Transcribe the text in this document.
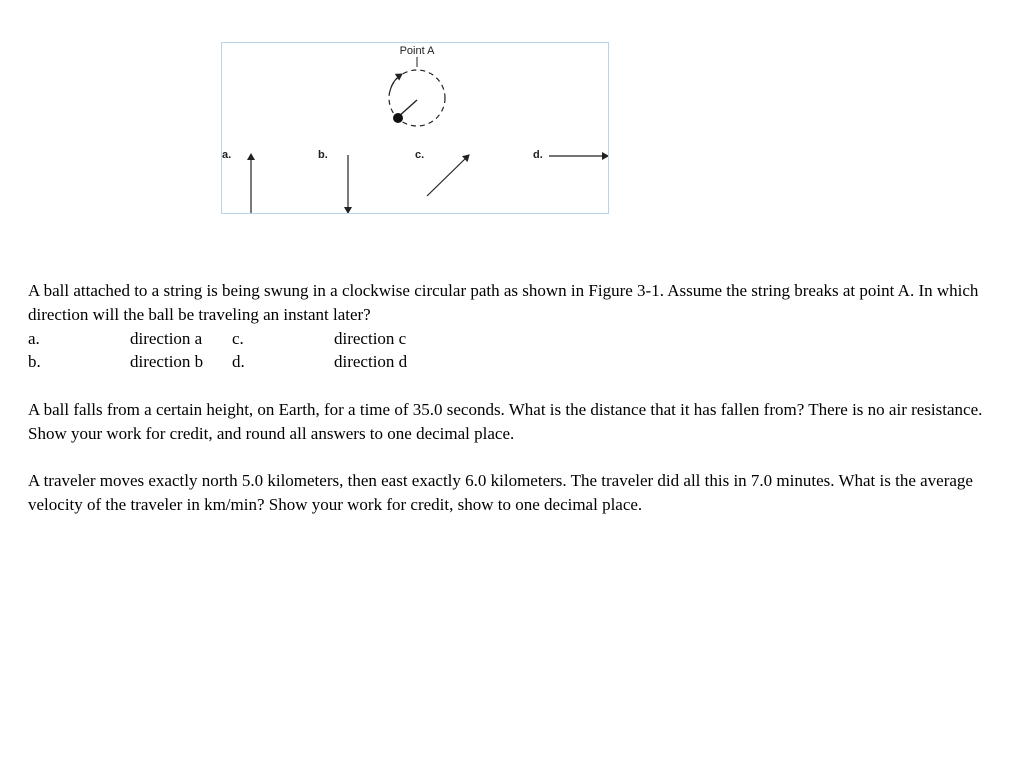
Point A
a.	b.	c.	d.

A ball attached to a string is being swung in a clockwise circular path as shown in Figure 3-1. Assume the string breaks at point A. In which direction will the ball be traveling an instant later?

a.	direction a	c.	direction c
b.	direction b	d.	direction d

A ball falls from a certain height, on Earth, for a time of 35.0 seconds. What is the distance that it has fallen from? There is no air resistance. Show your work for credit, and round all answers to one decimal place.

A traveler moves exactly north 5.0 kilometers, then east exactly 6.0 kilometers. The traveler did all this in 7.0 minutes. What is the average velocity of the traveler in km/min? Show your work for credit, show to one decimal place.
